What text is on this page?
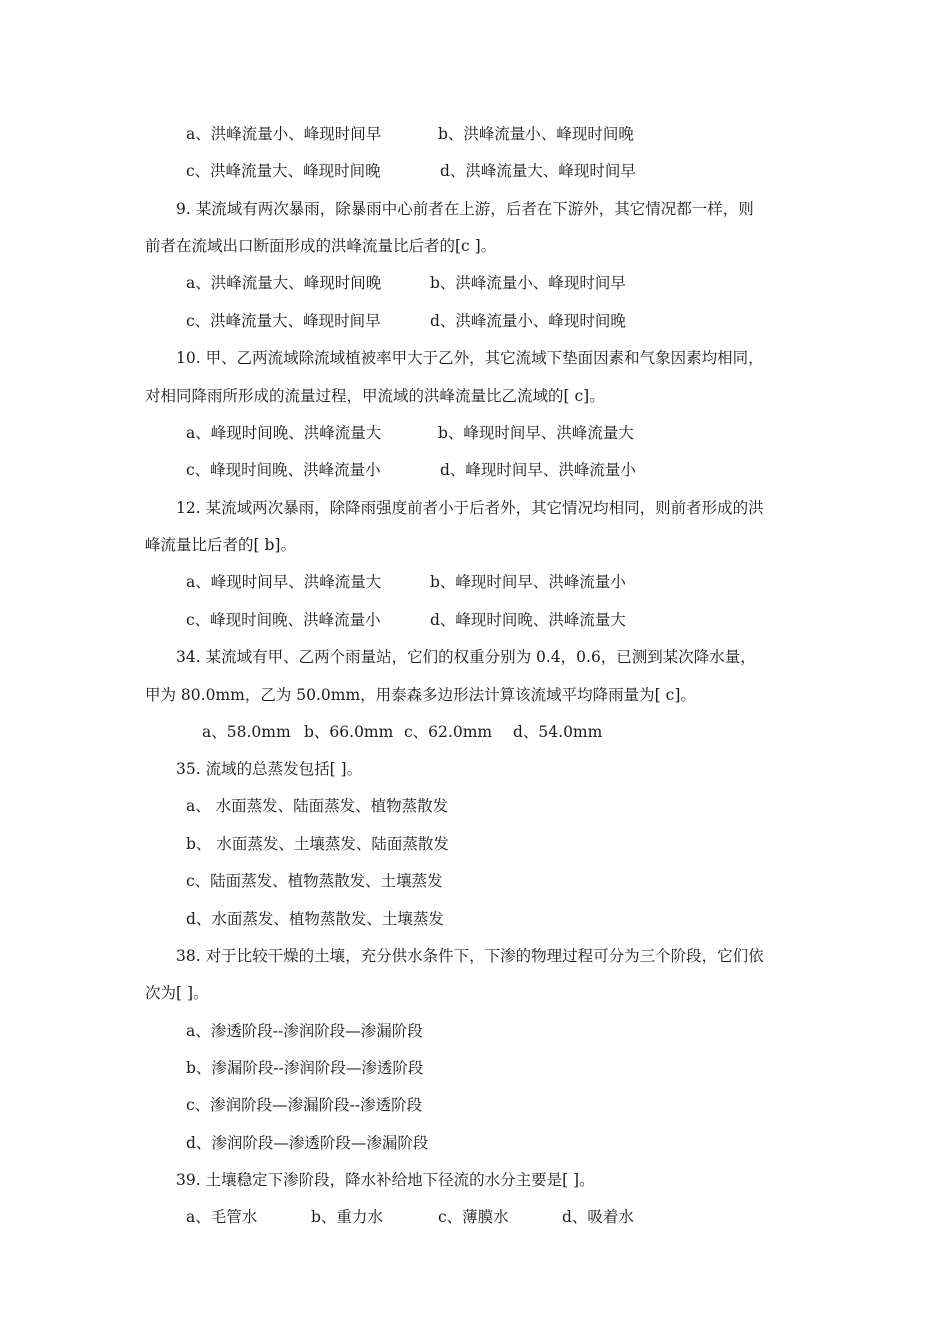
a、洪峰流量小、峰现时间早	b、洪峰流量小、峰现时间晚
c、洪峰流量大、峰现时间晚	d、洪峰流量大、峰现时间早
9. 某流域有两次暴雨，除暴雨中心前者在上游，后者在下游外，其它情况都一样，则
前者在流域出口断面形成的洪峰流量比后者的[c ]。
a、洪峰流量大、峰现时间晚	b、洪峰流量小、峰现时间早
c、洪峰流量大、峰现时间早	d、洪峰流量小、峰现时间晚
10. 甲、乙两流域除流域植被率甲大于乙外，其它流域下垫面因素和气象因素均相同，
对相同降雨所形成的流量过程，甲流域的洪峰流量比乙流域的[ c]。
a、峰现时间晚、洪峰流量大	b、峰现时间早、洪峰流量大
c、峰现时间晚、洪峰流量小	d、峰现时间早、洪峰流量小
12. 某流域两次暴雨，除降雨强度前者小于后者外，其它情况均相同，则前者形成的洪
峰流量比后者的[ b]。
a、峰现时间早、洪峰流量大	b、峰现时间早、洪峰流量小
c、峰现时间晚、洪峰流量小	d、峰现时间晚、洪峰流量大
34. 某流域有甲、乙两个雨量站，它们的权重分别为 0.4，0.6，已测到某次降水量，
甲为 80.0mm，乙为 50.0mm，用泰森多边形法计算该流域平均降雨量为[ c]。
a、58.0mm b、66.0mm c、62.0mm d、54.0mm
35. 流域的总蒸发包括[ ]。
a、 水面蒸发、陆面蒸发、植物蒸散发
b、 水面蒸发、土壤蒸发、陆面蒸散发
c、陆面蒸发、植物蒸散发、土壤蒸发
d、水面蒸发、植物蒸散发、土壤蒸发
38. 对于比较干燥的土壤，充分供水条件下，下渗的物理过程可分为三个阶段，它们依
次为[ ]。
a、渗透阶段--渗润阶段—渗漏阶段
b、渗漏阶段--渗润阶段—渗透阶段
c、渗润阶段—渗漏阶段--渗透阶段
d、渗润阶段—渗透阶段—渗漏阶段
39. 土壤稳定下渗阶段，降水补给地下径流的水分主要是[ ]。
a、毛管水	b、重力水	c、薄膜水	d、吸着水
